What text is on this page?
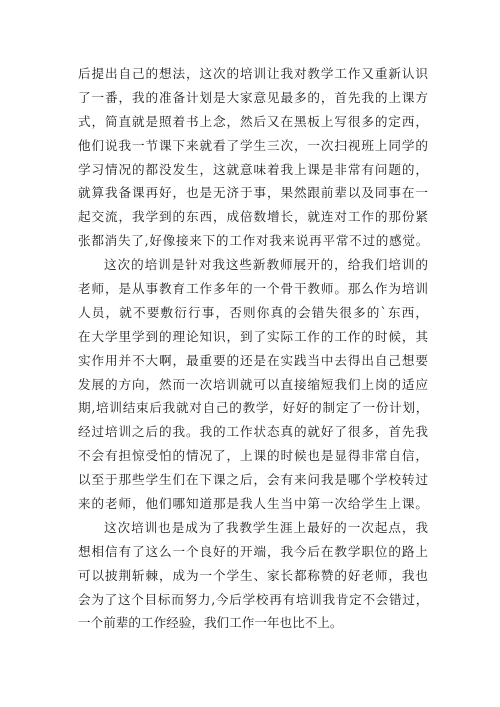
后提出自己的想法，这次的培训让我对教学工作又重新认识
了一番，我的准备计划是大家意见最多的，首先我的上课方
式，简直就是照着书上念，然后又在黑板上写很多的定西，
他们说我一节课下来就看了学生三次，一次扫视班上同学的
学习情况的都没发生，这就意味着我上课是非常有问题的，
就算我备课再好，也是无济于事，果然跟前辈以及同事在一
起交流，我学到的东西，成倍数增长，就连对工作的那份紧
张都消失了,好像接来下的工作对我来说再平常不过的感觉。
这次的培训是针对我这些新教师展开的，给我们培训的
老师，是从事教育工作多年的一个骨干教师。那么作为培训
人员，就不要敷衍行事，否则你真的会错失很多的`东西，
在大学里学到的理论知识，到了实际工作的工作的时候，其
实作用并不大啊，最重要的还是在实践当中去得出自己想要
发展的方向，然而一次培训就可以直接缩短我们上岗的适应
期,培训结束后我就对自己的教学，好好的制定了一份计划，
经过培训之后的我。我的工作状态真的就好了很多，首先我
不会有担惊受怕的情况了，上课的时候也是显得非常自信，
以至于那些学生们在下课之后，会有来问我是哪个学校转过
来的老师，他们哪知道那是我人生当中第一次给学生上课。
这次培训也是成为了我教学生涯上最好的一次起点，我
想相信有了这么一个良好的开端，我今后在教学职位的路上
可以披荆斩棘，成为一个学生、家长都称赞的好老师，我也
会为了这个目标而努力,今后学校再有培训我肯定不会错过，
一个前辈的工作经验，我们工作一年也比不上。
